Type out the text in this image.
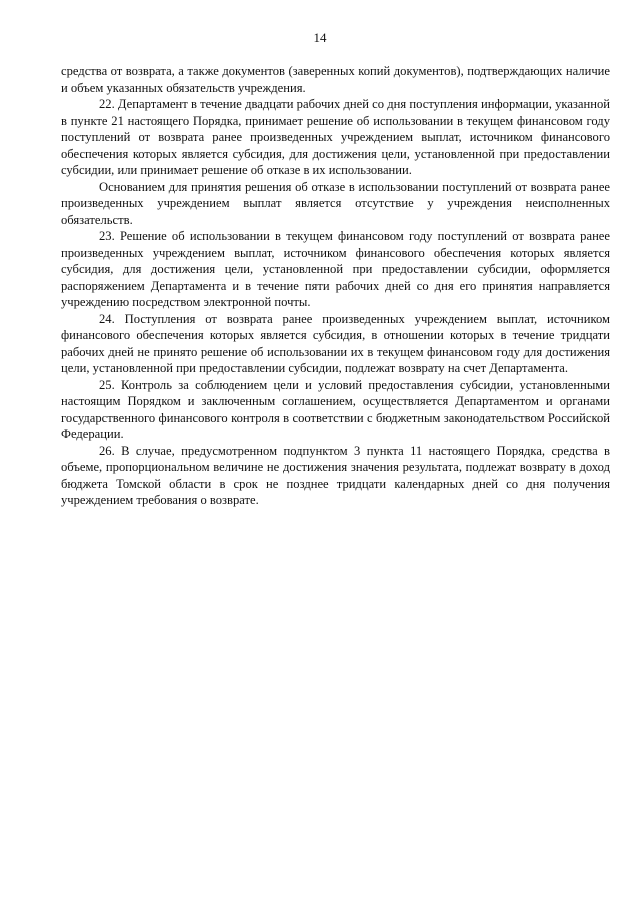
14

средства от возврата, а также документов (заверенных копий документов), подтверждающих наличие и объем указанных обязательств учреждения.

22. Департамент в течение двадцати рабочих дней со дня поступления информации, указанной в пункте 21 настоящего Порядка, принимает решение об использовании в текущем финансовом году поступлений от возврата ранее произведенных учреждением выплат, источником финансового обеспечения которых является субсидия, для достижения цели, установленной при предоставлении субсидии, или принимает решение об отказе в их использовании.

Основанием для принятия решения об отказе в использовании поступлений от возврата ранее произведенных учреждением выплат является отсутствие у учреждения неисполненных обязательств.

23. Решение об использовании в текущем финансовом году поступлений от возврата ранее произведенных учреждением выплат, источником финансового обеспечения которых является субсидия, для достижения цели, установленной при предоставлении субсидии, оформляется распоряжением Департамента и в течение пяти рабочих дней со дня его принятия направляется учреждению посредством электронной почты.

24. Поступления от возврата ранее произведенных учреждением выплат, источником финансового обеспечения которых является субсидия, в отношении которых в течение тридцати рабочих дней не принято решение об использовании их в текущем финансовом году для достижения цели, установленной при предоставлении субсидии, подлежат возврату на счет Департамента.

25. Контроль за соблюдением цели и условий предоставления субсидии, установленными настоящим Порядком и заключенным соглашением, осуществляется Департаментом и органами государственного финансового контроля в соответствии с бюджетным законодательством Российской Федерации.

26. В случае, предусмотренном подпунктом 3 пункта 11 настоящего Порядка, средства в объеме, пропорциональном величине не достижения значения результата, подлежат возврату в доход бюджета Томской области в срок не позднее тридцати календарных дней со дня получения учреждением требования о возврате.
